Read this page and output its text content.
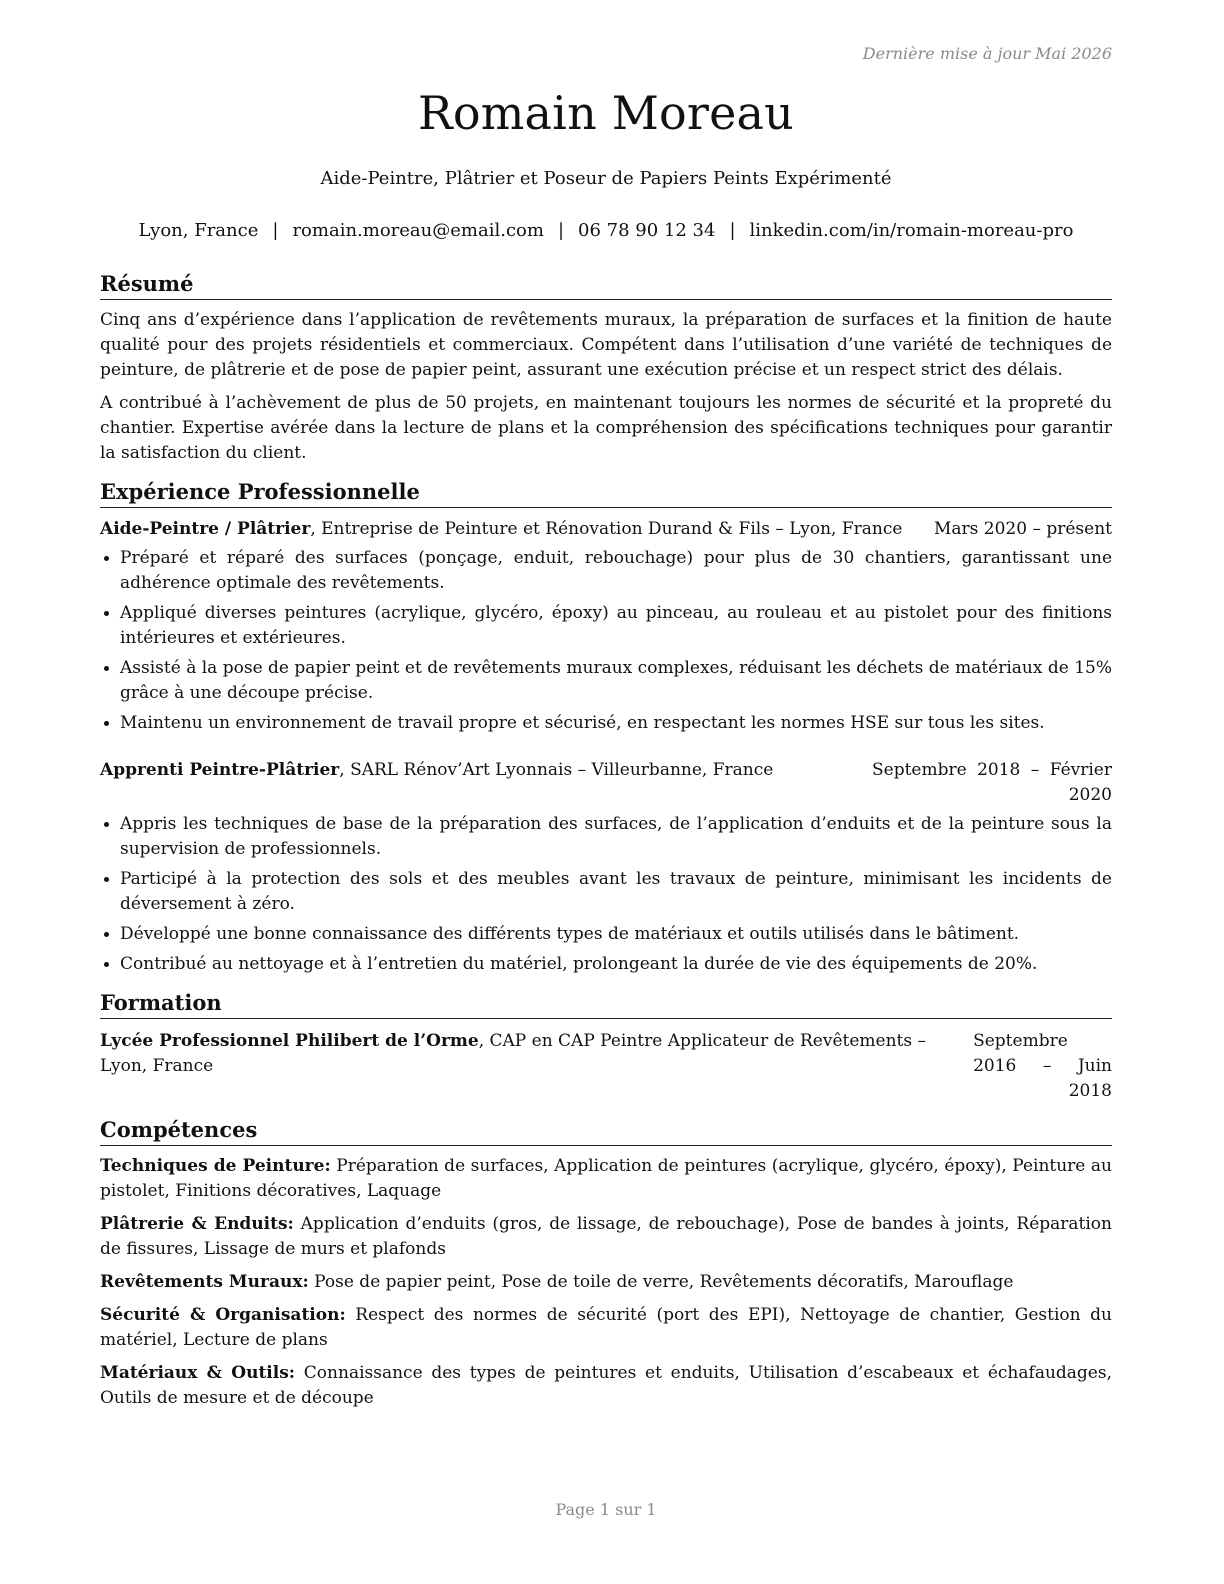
Dernière mise à jour Mai 2026
Romain Moreau
Aide-Peintre, Plâtrier et Poseur de Papiers Peints Expérimenté
Lyon, France | romain.moreau@email.com | 06 78 90 12 34 | linkedin.com/in/romain-moreau-pro
Résumé

Cinq ans d’expérience dans l’application de revêtements muraux, la préparation de surfaces et la finition de haute qualité pour des projets résidentiels et commerciaux. Compétent dans l’utilisation d’une variété de techniques de peinture, de plâtrerie et de pose de papier peint, assurant une exécution précise et un respect strict des délais.

A contribué à l’achèvement de plus de 50 projets, en maintenant toujours les normes de sécurité et la propreté du chantier. Expertise avérée dans la lecture de plans et la compréhension des spécifications techniques pour garantir la satisfaction du client.

Expérience Professionnelle
Aide-Peintre / Plâtrier, Entreprise de Peinture et Rénovation Durand & Fils – Lyon, France Mars 2020 – présent
• Préparé et réparé des surfaces (ponçage, enduit, rebouchage) pour plus de 30 chantiers, garantissant une adhérence optimale des revêtements.
• Appliqué diverses peintures (acrylique, glycéro, époxy) au pinceau, au rouleau et au pistolet pour des finitions intérieures et extérieures.
• Assisté à la pose de papier peint et de revêtements muraux complexes, réduisant les déchets de matériaux de 15% grâce à une découpe précise.
• Maintenu un environnement de travail propre et sécurisé, en respectant les normes HSE sur tous les sites.
Apprenti Peintre-Plâtrier, SARL Rénov’Art Lyonnais – Villeurbanne, France	Septembre 2018 – Février 2020
• Appris les techniques de base de la préparation des surfaces, de l’application d’enduits et de la peinture sous la supervision de professionnels.
• Participé à la protection des sols et des meubles avant les travaux de peinture, minimisant les incidents de déversement à zéro.
• Développé une bonne connaissance des différents types de matériaux et outils utilisés dans le bâtiment.
• Contribué au nettoyage et à l’entretien du matériel, prolongeant la durée de vie des équipements de 20%.
Formation
Lycée Professionnel Philibert de l’Orme, CAP en CAP Peintre Applicateur de Revêtements – Lyon, France
Septembre 2016 – Juin 2018
Compétences
Techniques de Peinture: Préparation de surfaces, Application de peintures (acrylique, glycéro, époxy), Peinture au pistolet, Finitions décoratives, Laquage
Plâtrerie & Enduits: Application d’enduits (gros, de lissage, de rebouchage), Pose de bandes à joints, Réparation de fissures, Lissage de murs et plafonds
Revêtements Muraux: Pose de papier peint, Pose de toile de verre, Revêtements décoratifs, Marouflage
Sécurité & Organisation: Respect des normes de sécurité (port des EPI), Nettoyage de chantier, Gestion du matériel, Lecture de plans
Matériaux & Outils: Connaissance des types de peintures et enduits, Utilisation d’escabeaux et échafaudages, Outils de mesure et de découpe
Page 1 sur 1
